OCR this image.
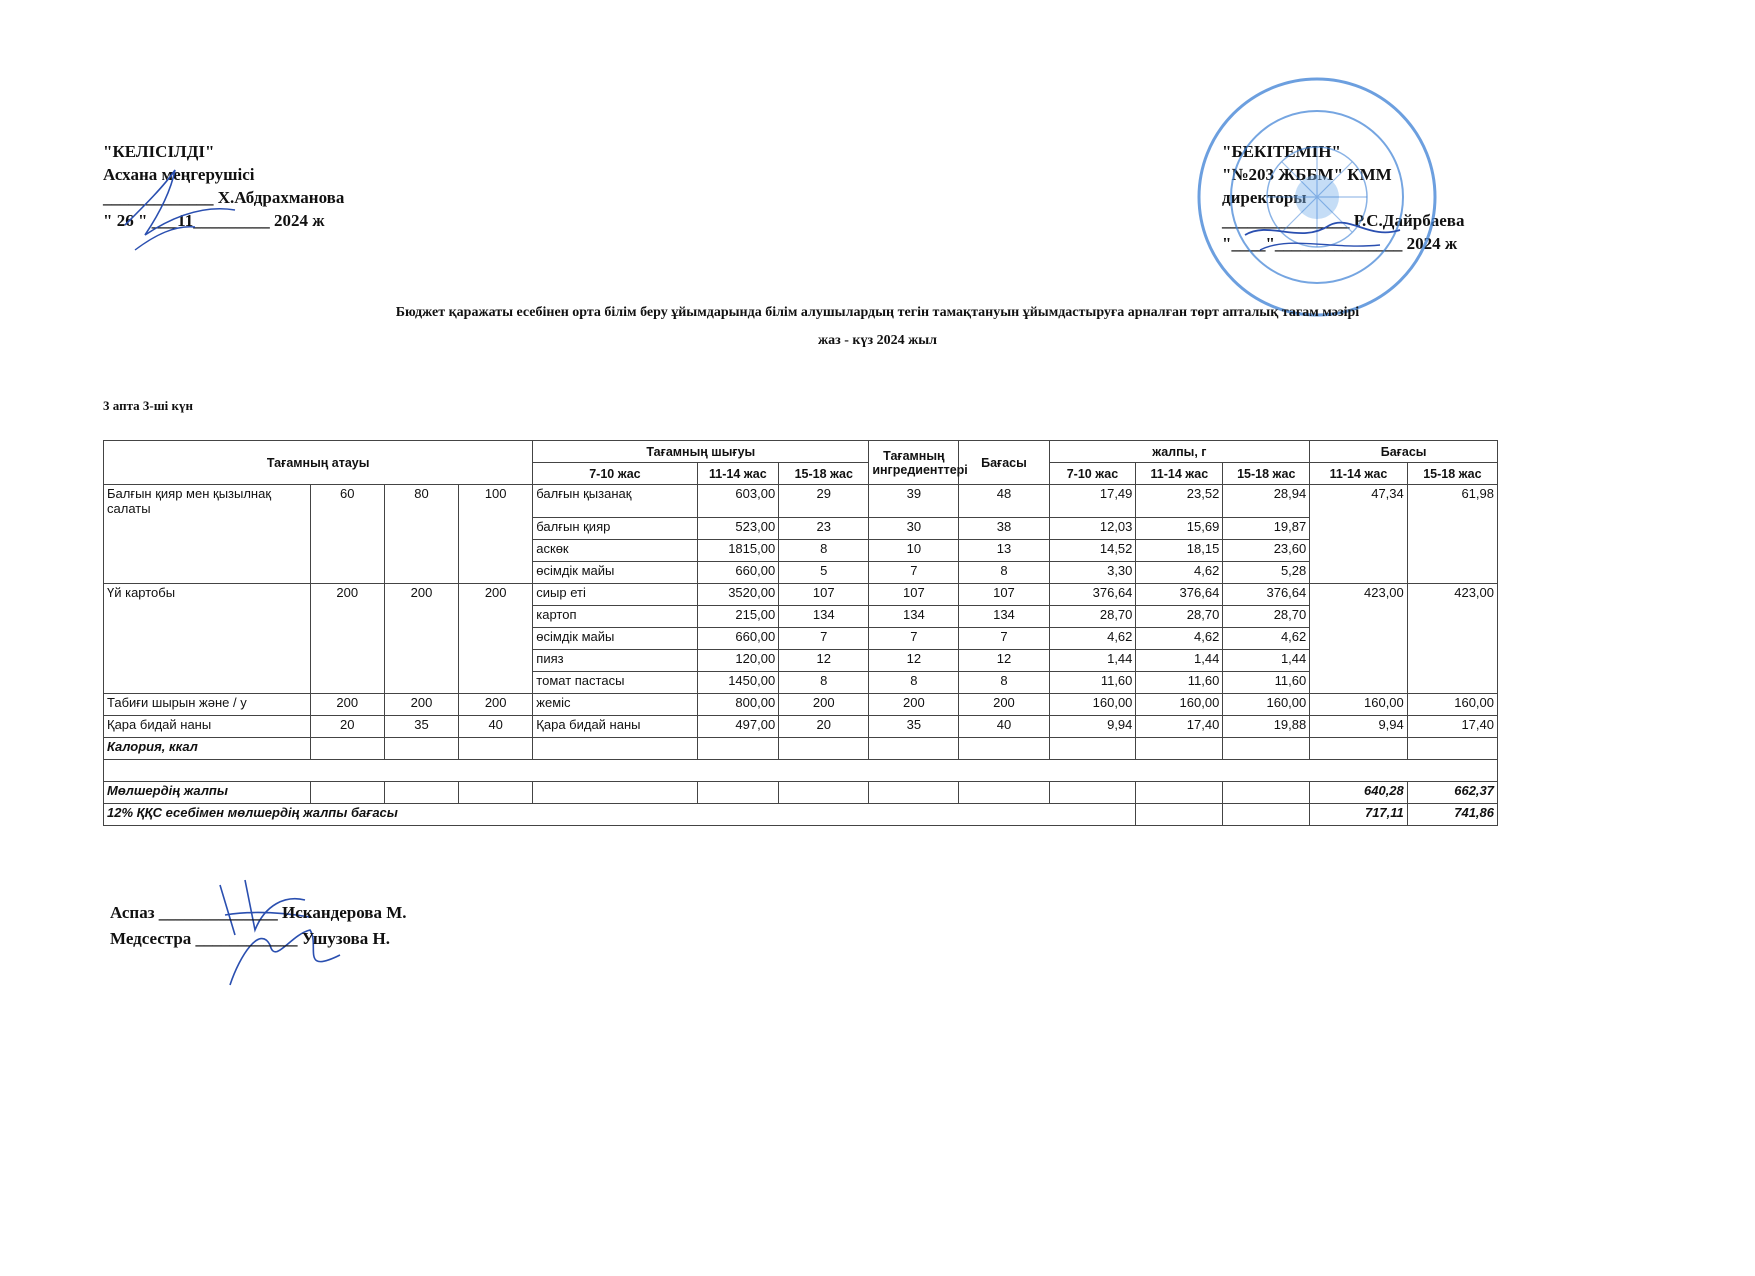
"КЕЛІСІЛДІ"
Асхана меңгерушісі
_____________ Х.Абдрахманова
" 26 " ___11_________ 2024 ж
"БЕКІТЕМІН"
"№203 ЖББМ" КММ
директоры
_______________ Р.С.Дайрбаева
"____"_______________ 2024 ж
Бюджет қаражаты есебінен орта білім беру ұйымдарында білім алушылардың тегін тамақтануын ұйымдастыруға арналған төрт апталық тағам мәзірі
жаз - күз 2024 жыл
3 апта 3-ші күн
Тағамның атауы				Тағамның шығуы			Тағамның ингредиенттері	Бағасы	жалпы, г			Бағасы	
				7-10 жас	11-14 жас	15-18 жас			7-10 жас	11-14 жас	15-18 жас	11-14 жас	15-18 жас
Балғын қияр мен қызылнақ салаты	60	80	100	балғын қызанақ	603,00	29	39	48	17,49	23,52	28,94	47,34	61,98
				балғын қияр	523,00	23	30	38	12,03	15,69	19,87		
				аскөк	1815,00	8	10	13	14,52	18,15	23,60		
				өсімдік майы	660,00	5	7	8	3,30	4,62	5,28		
Үй картобы	200	200	200	сиыр еті	3520,00	107	107	107	376,64	376,64	376,64	423,00	423,00
				картоп	215,00	134	134	134	28,70	28,70	28,70		
				өсімдік майы	660,00	7	7	7	4,62	4,62	4,62		
				пияз	120,00	12	12	12	1,44	1,44	1,44		
				томат пастасы	1450,00	8	8	8	11,60	11,60	11,60		
Табиғи шырын және / у	200	200	200	жеміс	800,00	200	200	200	160,00	160,00	160,00	160,00	160,00
Қара бидай наны	20	35	40	Қара бидай наны	497,00	20	35	40	9,94	17,40	19,88	9,94	17,40
Калория, ккал													

Мөлшердің жалпы												640,28	662,37
12% ҚҚС есебімен мөлшердің жалпы бағасы												717,11	741,86
Аспаз ______________ Искандерова М.
Медсестра ____________ Ушузова Н.
